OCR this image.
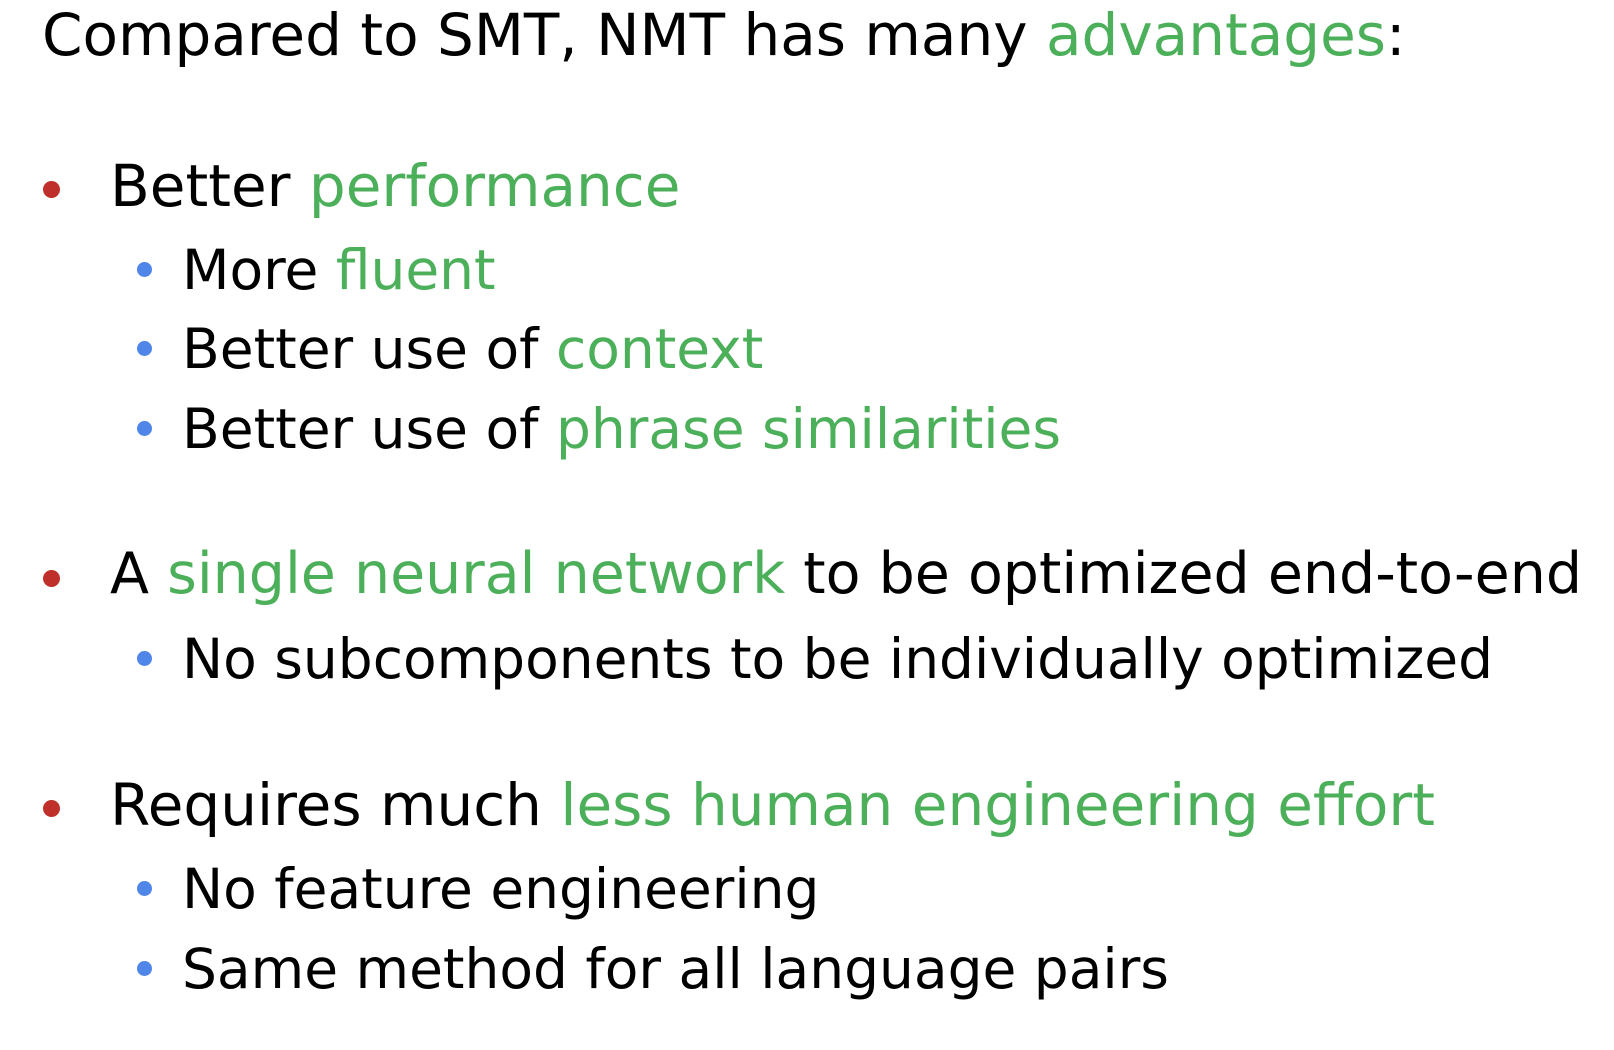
Compared to SMT, NMT has many advantages:
Better performance
More fluent
Better use of context
Better use of phrase similarities
A single neural network to be optimized end-to-end
No subcomponents to be individually optimized
Requires much less human engineering effort
No feature engineering
Same method for all language pairs
